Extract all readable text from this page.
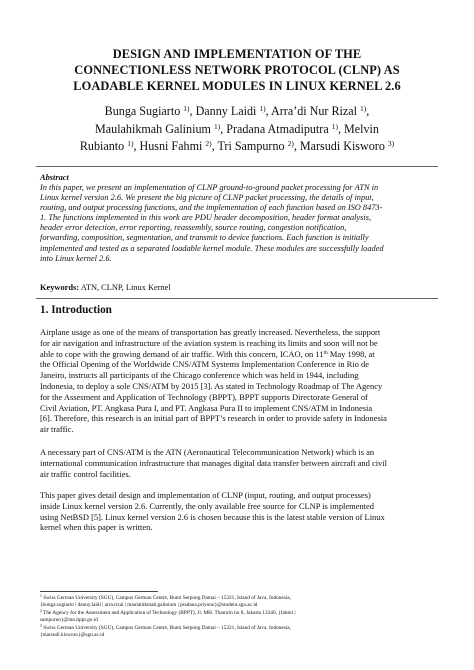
DESIGN AND IMPLEMENTATION OF THE
CONNECTIONLESS NETWORK PROTOCOL (CLNP) AS
LOADABLE KERNEL MODULES IN LINUX KERNEL 2.6
Bunga Sugiarto $^{1)}$, Danny Laidi $^{1)}$, Arra’di Nur Rizal $^{1)}$,
Maulahikmah Galinium $^{1)}$, Pradana Atmadiputra $^{1)}$, Melvin
Rubianto $^{1)}$, Husni Fahmi $^{2)}$, Tri Sampurno $^{2)}$, Marsudi Kisworo $^{3)}$
Abstract
In this paper, we present an implementation of CLNP ground-to-ground packet processing for ATN in
Linux kernel version 2.6. We present the big picture of CLNP packet processing, the details of input,
routing, and output processing functions, and the implementation of each function based on ISO 8473-
1. The functions implemented in this work are PDU header decomposition, header format analysis,
header error detection, error reporting, reassembly, source routing, congestion notification,
forwarding, composition, segmentation, and transmit to device functions. Each function is initially
implemented and tested as a separated loadable kernel module. These modules are successfully loaded
into Linux kernel 2.6.
Keywords: ATN, CLNP, Linux Kernel
1. Introduction
Airplane usage as one of the means of transportation has greatly increased. Nevertheless, the support
for air navigation and infrastructure of the aviation system is reaching its limits and soon will not be
able to cope with the growing demand of air traffic. With this concern, ICAO, on 11th May 1998, at
the Official Opening of the Worldwide CNS/ATM Systems Implementation Conference in Rio de
Janeiro, instructs all participants of the Chicago conference which was held in 1944, including
Indonesia, to deploy a sole CNS/ATM by 2015 [3]. As stated in Technology Roadmap of The Agency
for the Assesment and Application of Technology (BPPT), BPPT supports Directorate General of
Civil Aviation, PT. Angkasa Pura I, and PT. Angkasa Pura II to implement CNS/ATM in Indonesia
[6]. Therefore, this research is an initial part of BPPT’s research in order to provide safety in Indonesia
air traffic.
A necessary part of CNS/ATM is the ATN (Aeronautical Telecommunication Network) which is an
international communication infrastructure that manages digital data transfer between aircraft and civil
air traffic control facilities.
This paper gives detail design and implementation of CLNP (input, routing, and output processes)
inside Linux kernel version 2.6. Currently, the only available free source for CLNP is implemented
using NetBSD [5]. Linux kernel version 2.6 is chosen because this is the latest stable version of Linux
kernel when this paper is written.
$^1$ Swiss German University (SGU), Campus German Centre, Bumi Serpong Damai – 15321, Island of Java, Indonesia,
{bunga.sugiarto | danny.laidi | arra.rizal | maulahikmah.galinium | pradana.priyono}@student.sgu.ac.id
$^2$ The Agency for the Assessment and Application of Technology (BPPT), Jl. MH. Thamrin no 8, Jakarta 13340, {fahmi |
sampurno}@inn.bppt.go.id
$^3$ Swiss German University (SGU), Campus German Centre, Bumi Serpong Damai – 15321, Island of Java, Indonesia,
{marsudi.kisworo}@sgu.ac.id
